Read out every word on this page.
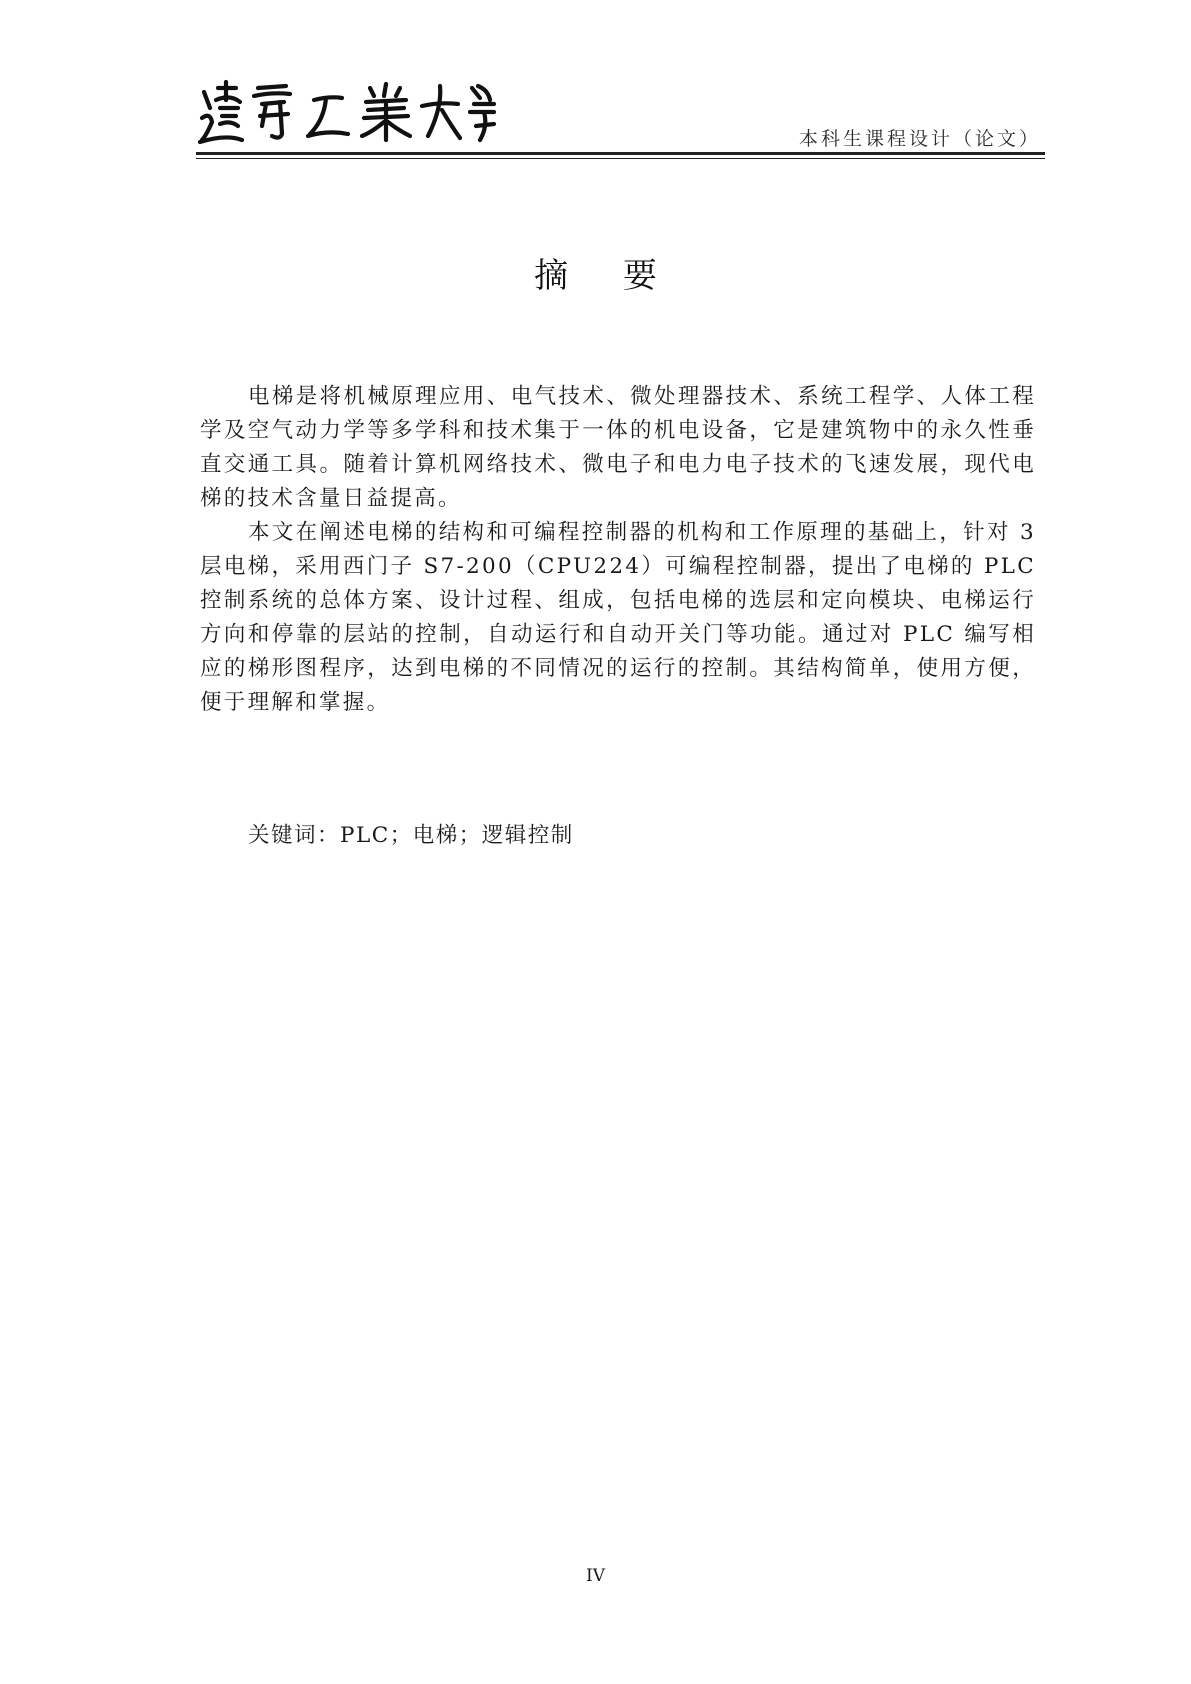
本科生课程设计（论文）
摘 要

电梯是将机械原理应用、电气技术、微处理器技术、系统工程学、人体工程学及空气动力学等多学科和技术集于一体的机电设备，它是建筑物中的永久性垂直交通工具。随着计算机网络技术、微电子和电力电子技术的飞速发展，现代电梯的技术含量日益提高。

本文在阐述电梯的结构和可编程控制器的机构和工作原理的基础上，针对 3 层电梯，采用西门子 S7-200（CPU224）可编程控制器，提出了电梯的 PLC 控制系统的总体方案、设计过程、组成，包括电梯的选层和定向模块、电梯运行方向和停靠的层站的控制，自动运行和自动开关门等功能。通过对 PLC 编写相应的梯形图程序，达到电梯的不同情况的运行的控制。其结构简单，使用方便，便于理解和掌握。

关键词：PLC；电梯；逻辑控制
IV
